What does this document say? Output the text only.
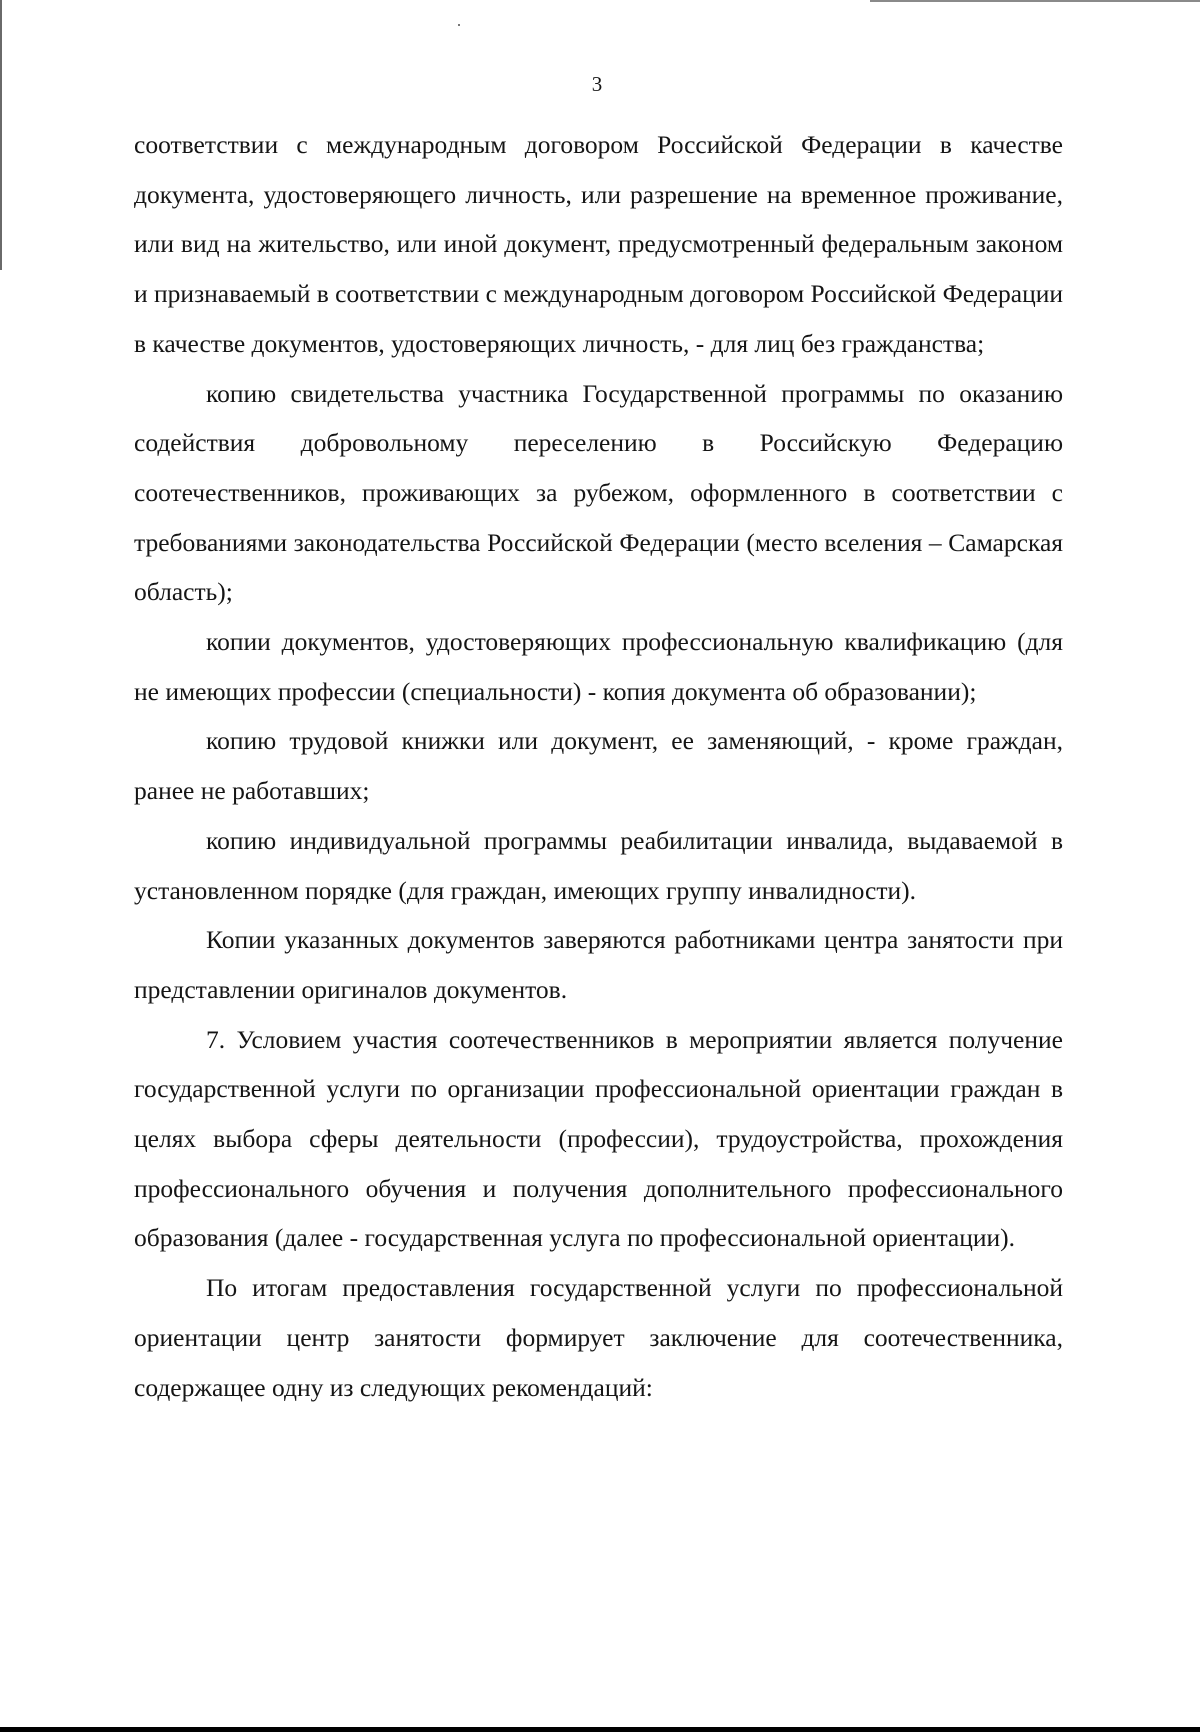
3

соответствии с международным договором Российской Федерации в качестве документа, удостоверяющего личность, или разрешение на временное проживание, или вид на жительство, или иной документ, предусмотренный федеральным законом и признаваемый в соответствии с международным договором Российской Федерации в качестве документов, удостоверяющих личность, - для лиц без гражданства;

копию свидетельства участника Государственной программы по оказанию содействия добровольному переселению в Российскую Федерацию соотечественников, проживающих за рубежом, оформленного в соответствии с требованиями законодательства Российской Федерации (место вселения – Самарская область);

копии документов, удостоверяющих профессиональную квалификацию (для не имеющих профессии (специальности) - копия документа об образовании);

копию трудовой книжки или документ, ее заменяющий, - кроме граждан, ранее не работавших;

копию индивидуальной программы реабилитации инвалида, выдаваемой в установленном порядке (для граждан, имеющих группу инвалидности).

Копии указанных документов заверяются работниками центра занятости при представлении оригиналов документов.

7. Условием участия соотечественников в мероприятии является получение государственной услуги по организации профессиональной ориентации граждан в целях выбора сферы деятельности (профессии), трудоустройства, прохождения профессионального обучения и получения дополнительного профессионального образования (далее - государственная услуга по профессиональной ориентации).

По итогам предоставления государственной услуги по профессиональной ориентации центр занятости формирует заключение для соотечественника, содержащее одну из следующих рекомендаций:
